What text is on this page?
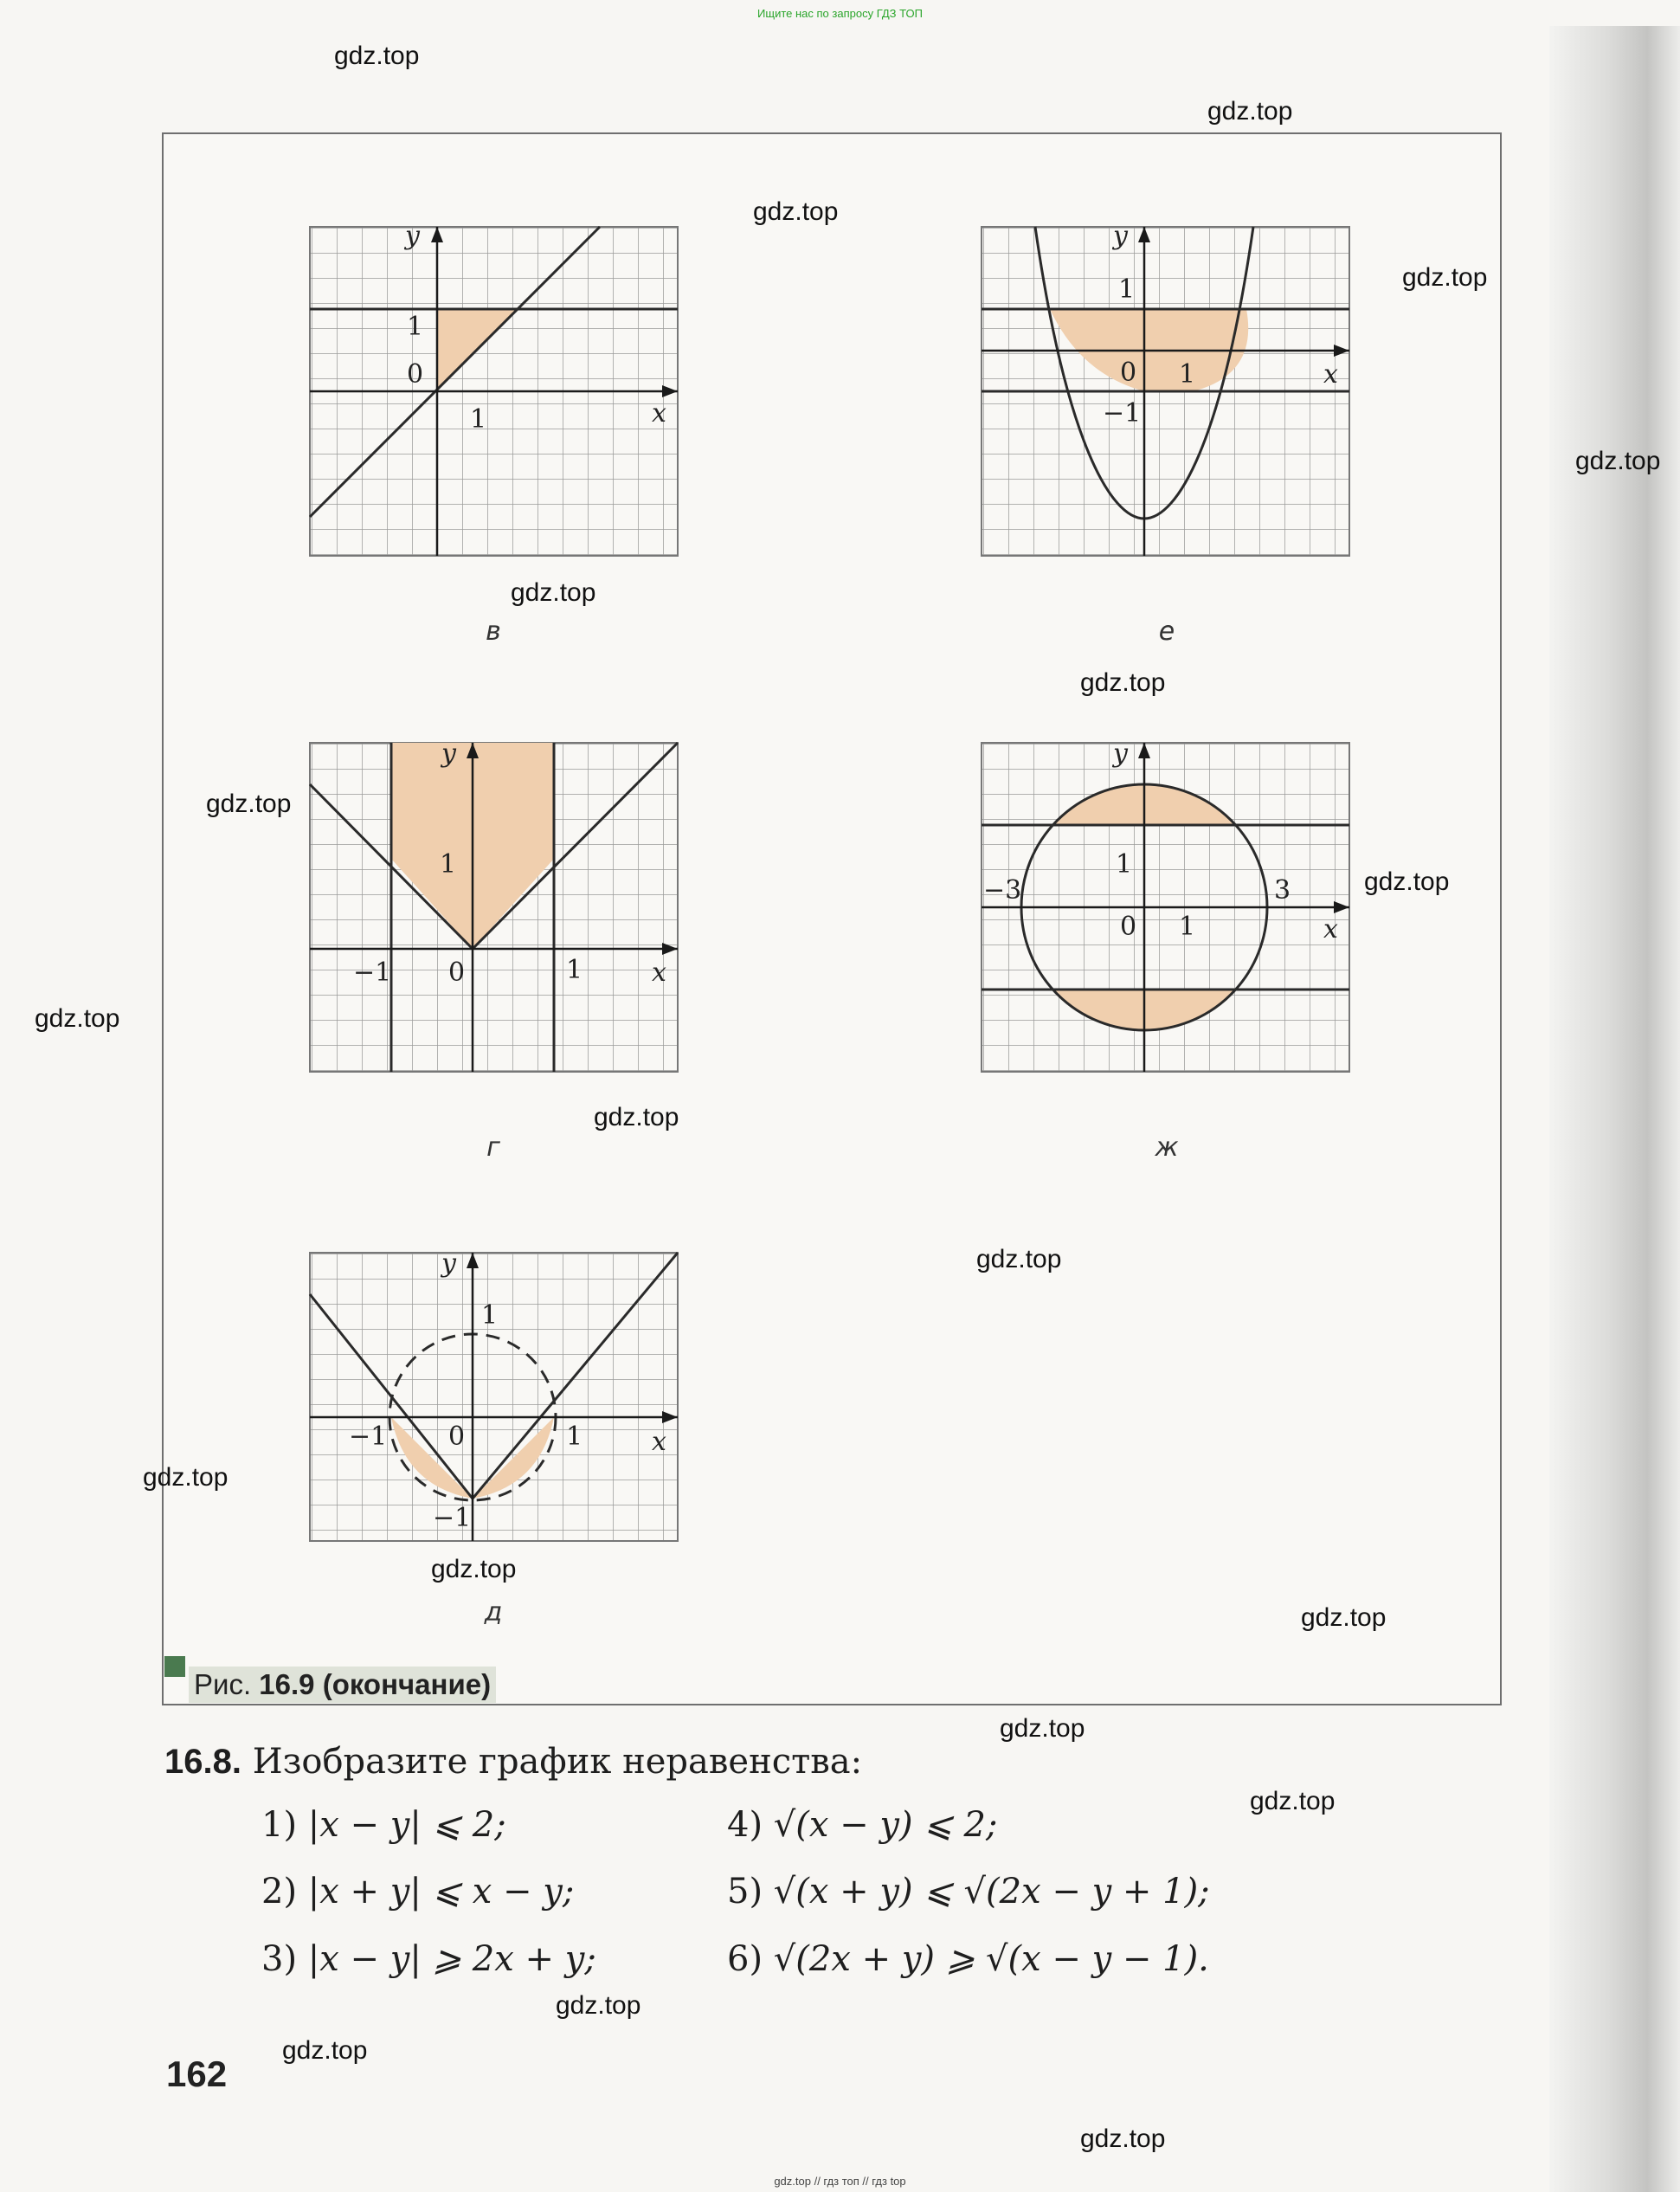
Ищите нас по запросу ГДЗ ТОП
y
x
1
0
1
в
y
x
1
0 1
−1
е
y
x
1
−1 0	1
г
y
x
1
−3	3
0 1
ж
y
x
1
−1 0	1
−1
д
Рис. 16.9 (окончание)
16.8. Изобразите график неравенства:
1) |x − y| ⩽ 2;
2) |x + y| ⩽ x − y;
3) |x − y| ⩾ 2x + y;
4) √(x − y) ⩽ 2;
5) √(x + y) ⩽ √(2x − y + 1);
6) √(2x + y) ⩾ √(x − y − 1).
162
gdz.top
gdz.top
gdz.top
gdz.top
gdz.top
gdz.top
gdz.top
gdz.top
gdz.top
gdz.top
gdz.top
gdz.top
gdz.top
gdz.top
gdz.top
gdz.top
gdz.top
gdz.top
gdz.top
gdz.top
gdz.top // гдз топ // гдз top
